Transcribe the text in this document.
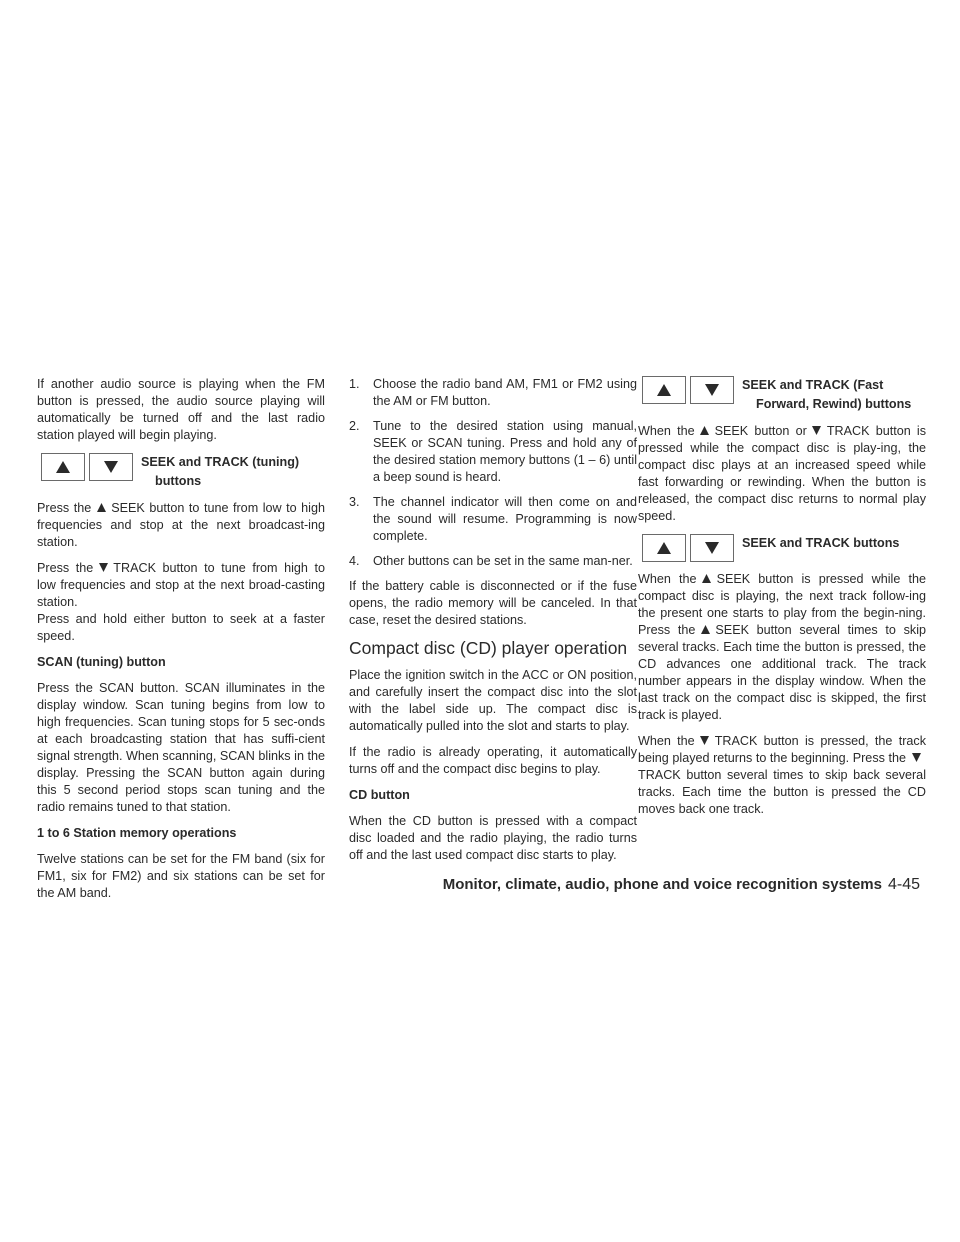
If another audio source is playing when the FM button is pressed, the audio source playing will automatically be turned off and the last radio station played will begin playing.

SEEK and TRACK (tuning)
buttons

Press the SEEK button to tune from low to high frequencies and stop at the next broadcast-ing station.

Press the TRACK button to tune from high to low frequencies and stop at the next broad-casting station.

Press and hold either button to seek at a faster speed.

SCAN (tuning) button

Press the SCAN button. SCAN illuminates in the display window. Scan tuning begins from low to high frequencies. Scan tuning stops for 5 sec-onds at each broadcasting station that has suffi-cient signal strength. When scanning, SCAN blinks in the display. Pressing the SCAN button again during this 5 second period stops scan tuning and the radio remains tuned to that station.

1 to 6 Station memory operations

Twelve stations can be set for the FM band (six for FM1, six for FM2) and six stations can be set for the AM band.

1.	Choose the radio band AM, FM1 or FM2 using the AM or FM button.
2.	Tune to the desired station using manual, SEEK or SCAN tuning. Press and hold any of the desired station memory buttons (1 – 6) until a beep sound is heard.
3.	The channel indicator will then come on and the sound will resume. Programming is now complete.
4.	Other buttons can be set in the same man-ner.

If the battery cable is disconnected or if the fuse opens, the radio memory will be canceled. In that case, reset the desired stations.

Compact disc (CD) player operation

Place the ignition switch in the ACC or ON position, and carefully insert the compact disc into the slot with the label side up. The compact disc is automatically pulled into the slot and starts to play.

If the radio is already operating, it automatically turns off and the compact disc begins to play.

CD button

When the CD button is pressed with a compact disc loaded and the radio playing, the radio turns off and the last used compact disc starts to play.

SEEK and TRACK (Fast
Forward, Rewind) buttons

When the SEEK button or TRACK button is pressed while the compact disc is play-ing, the compact disc plays at an increased speed while fast forwarding or rewinding. When the button is released, the compact disc returns to normal play speed.

SEEK and TRACK buttons

When the SEEK button is pressed while the compact disc is playing, the next track follow-ing the present one starts to play from the begin-ning. Press the SEEK button several times to skip several tracks. Each time the button is pressed, the CD advances one additional track. The track number appears in the display window. When the last track on the compact disc is skipped, the first track is played.

When the TRACK button is pressed, the track being played returns to the beginning. Press theTRACK button several times to skip back several tracks. Each time the button is pressed the CD moves back one track.

Monitor, climate, audio, phone and voice recognition systems 4-45
